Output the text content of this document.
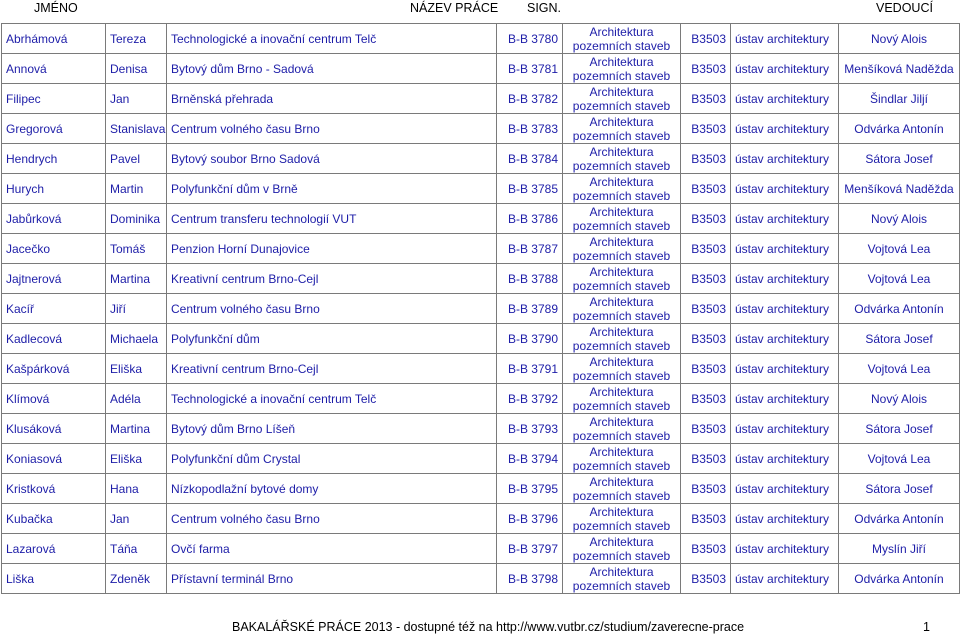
JMÉNO	NÁZEV PRÁCE SIGN.	VEDOUCÍ
Abrhámová	Tereza	Technologické a inovační centrum Telč	B-B 3780	Architektura
pozemních staveb	B3503	ústav architektury	Nový Alois
Annová	Denisa	Bytový dům Brno - Sadová	B-B 3781	Architektura
pozemních staveb	B3503	ústav architektury	Menšíková Naděžda
Filipec	Jan	Brněnská přehrada	B-B 3782	Architektura
pozemních staveb	B3503	ústav architektury	Šindlar Jiljí
Gregorová	Stanislava	Centrum volného času Brno	B-B 3783	Architektura
pozemních staveb	B3503	ústav architektury	Odvárka Antonín
Hendrych	Pavel	Bytový soubor Brno Sadová	B-B 3784	Architektura
pozemních staveb	B3503	ústav architektury	Sátora Josef
Hurych	Martin	Polyfunkční dům v Brně	B-B 3785	Architektura
pozemních staveb	B3503	ústav architektury	Menšíková Naděžda
Jabůrková	Dominika	Centrum transferu technologií VUT	B-B 3786	Architektura
pozemních staveb	B3503	ústav architektury	Nový Alois
Jacečko	Tomáš	Penzion Horní Dunajovice	B-B 3787	Architektura
pozemních staveb	B3503	ústav architektury	Vojtová Lea
Jajtnerová	Martina	Kreativní centrum Brno-Cejl	B-B 3788	Architektura
pozemních staveb	B3503	ústav architektury	Vojtová Lea
Kacíř	Jiří	Centrum volného času Brno	B-B 3789	Architektura
pozemních staveb	B3503	ústav architektury	Odvárka Antonín
Kadlecová	Michaela	Polyfunkční dům	B-B 3790	Architektura
pozemních staveb	B3503	ústav architektury	Sátora Josef
Kašpárková	Eliška	Kreativní centrum Brno-Cejl	B-B 3791	Architektura
pozemních staveb	B3503	ústav architektury	Vojtová Lea
Klímová	Adéla	Technologické a inovační centrum Telč	B-B 3792	Architektura
pozemních staveb	B3503	ústav architektury	Nový Alois
Klusáková	Martina	Bytový dům Brno Líšeň	B-B 3793	Architektura
pozemních staveb	B3503	ústav architektury	Sátora Josef
Koniasová	Eliška	Polyfunkční dům Crystal	B-B 3794	Architektura
pozemních staveb	B3503	ústav architektury	Vojtová Lea
Kristková	Hana	Nízkopodlažní bytové domy	B-B 3795	Architektura
pozemních staveb	B3503	ústav architektury	Sátora Josef
Kubačka	Jan	Centrum volného času Brno	B-B 3796	Architektura
pozemních staveb	B3503	ústav architektury	Odvárka Antonín
Lazarová	Táňa	Ovčí farma	B-B 3797	Architektura
pozemních staveb	B3503	ústav architektury	Myslín Jiří
Liška	Zdeněk	Přístavní terminál Brno	B-B 3798	Architektura
pozemních staveb	B3503	ústav architektury	Odvárka Antonín
BAKALÁŘSKÉ PRÁCE 2013 - dostupné též na http://www.vutbr.cz/studium/zaverecne-prace	1
